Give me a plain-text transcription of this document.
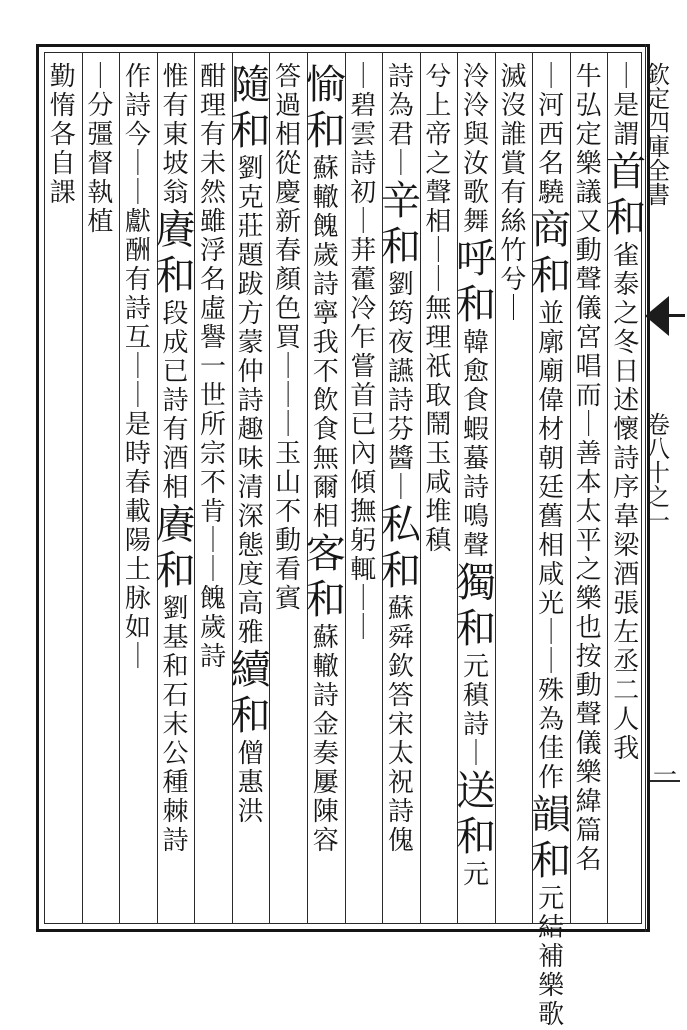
欽定四庫全書
卷八十之一
一
｜
是
謂
首
和
雀
泰
之
冬
日
述
懷
詩
序
韋
梁
酒
張
左
丞
二
人
我
牛
弘
定
樂
議
又
動
聲
儀
宮
唱
而
｜
善
本
太
平
之
樂
也
按
動
聲
儀
樂
緯
篇
名
｜
河
西
名
驍
商
和
並
廓
廟
偉
材
朝
廷
舊
相
咸
光
｜
｜
殊
為
佳
作
韻
和
元
結
補
樂
歌
滅
沒
誰
賞
有
絲
竹
兮
｜
泠
泠
與
汝
歌
舞
呼
和
韓
愈
食
蝦
蟇
詩
鳴
聲
獨
和
元
稹
詩
｜
送
和
元
兮
上
帝
之
聲
相
｜
｜
無
理
祇
取
鬧
玉
咸
堆
稹
詩
為
君
｜
辛
和
劉
筠
夜
讌
詩
芬
醬
｜
私
和
蘇
舜
欽
答
宋
太
祝
詩
傀
｜
碧
雲
詩
初
｜
荓
藿
冷
乍
嘗
首
已
內
傾
撫
躬
輒
｜
｜
愉
和
蘇
轍
餽
歲
詩
寧
我
不
飲
食
無
爾
相
客
和
蘇
轍
詩
金
奏
屢
陳
容
答
過
相
從
慶
新
春
顏
色
買
｜
｜
｜
玉
山
不
動
看
賓
隨
和
劉
克
莊
題
跋
方
蒙
仲
詩
趣
味
清
深
態
度
高
雅
續
和
僧
惠
洪
酣
理
有
未
然
雖
浮
名
虛
譽
一
世
所
宗
不
肯
｜
｜
餽
歲
詩
惟
有
東
坡
翁
賡
和
段
成
已
詩
有
酒
相
賡
和
劉
基
和
石
末
公
種
棘
詩
作
詩
今
｜
｜
獻
酬
有
詩
互
｜
｜
是
時
春
載
陽
土
脉
如
｜
｜
分
彊
督
執
植
勤
惰
各
自
課
